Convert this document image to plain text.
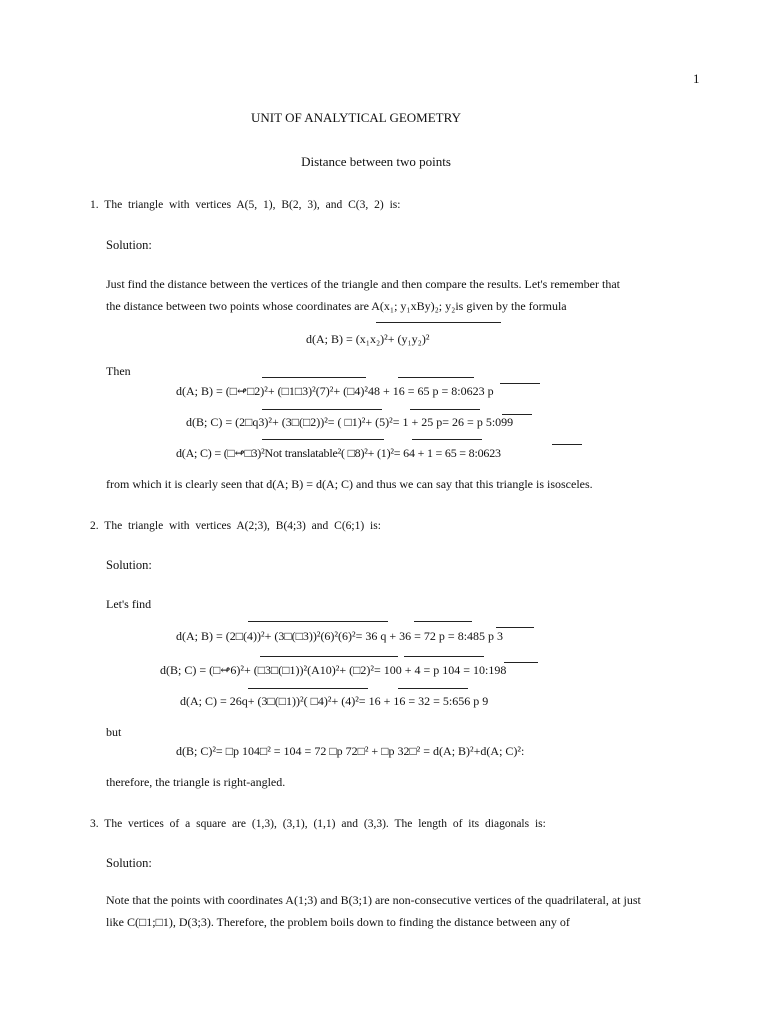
1
UNIT OF ANALYTICAL GEOMETRY
Distance between two points
1. The triangle with vertices A(5, 1), B(2, 3), and C(3, 2) is:
Solution:
Just find the distance between the vertices of the triangle and then compare the results. Let's remember that the distance between two points whose coordinates are A(x₁; y₁xBy)₂; y₂is given by the formula
d(A; B) = (x₁x₂)²+ (y₁y₂)²
Then
d(A; B) = (□↫□2)²+ (□1□3)²(7)²+ (□4)²48 + 16 = 65 p = 8:0623 p
d(B; C) = (2□q3)²+ (3□(□2))²= ( □1)²+ (5)²= 1 + 25 p= 26 = p 5:099
d(A; C) = (□↫□3)²Not translatable²( □8)²+ (1)²= 64 + 1 = 65 = 8:0623
from which it is clearly seen that d(A; B) = d(A; C) and thus we can say that this triangle is isosceles.
2. The triangle with vertices A(2;3), B(4;3) and C(6;1) is:
Solution:
Let's find
d(A; B) = (2□(4))²+ (3□(□3))²(6)²(6)²= 36 q + 36 = 72 p = 8:485 p 3
d(B; C) = (□↫6)²+ (□3□(□1))²(A10)²+ (□2)²= 100 + 4 = p 104 = 10:198
d(A; C) = 26q+ (3□(□1))²( □4)²+ (4)²= 16 + 16 = 32 = 5:656 p 9
but
d(B; C)²= □p 104□² = 104 = 72 □p 72□² + □p 32□² = d(A; B)²+d(A; C)²:
therefore, the triangle is right-angled.
3. The vertices of a square are (1,3), (3,1), (1,1) and (3,3). The length of its diagonals is:
Solution:
Note that the points with coordinates A(1;3) and B(3;1) are non-consecutive vertices of the quadrilateral, at just like C(□1;□1), D(3;3). Therefore, the problem boils down to finding the distance between any of
